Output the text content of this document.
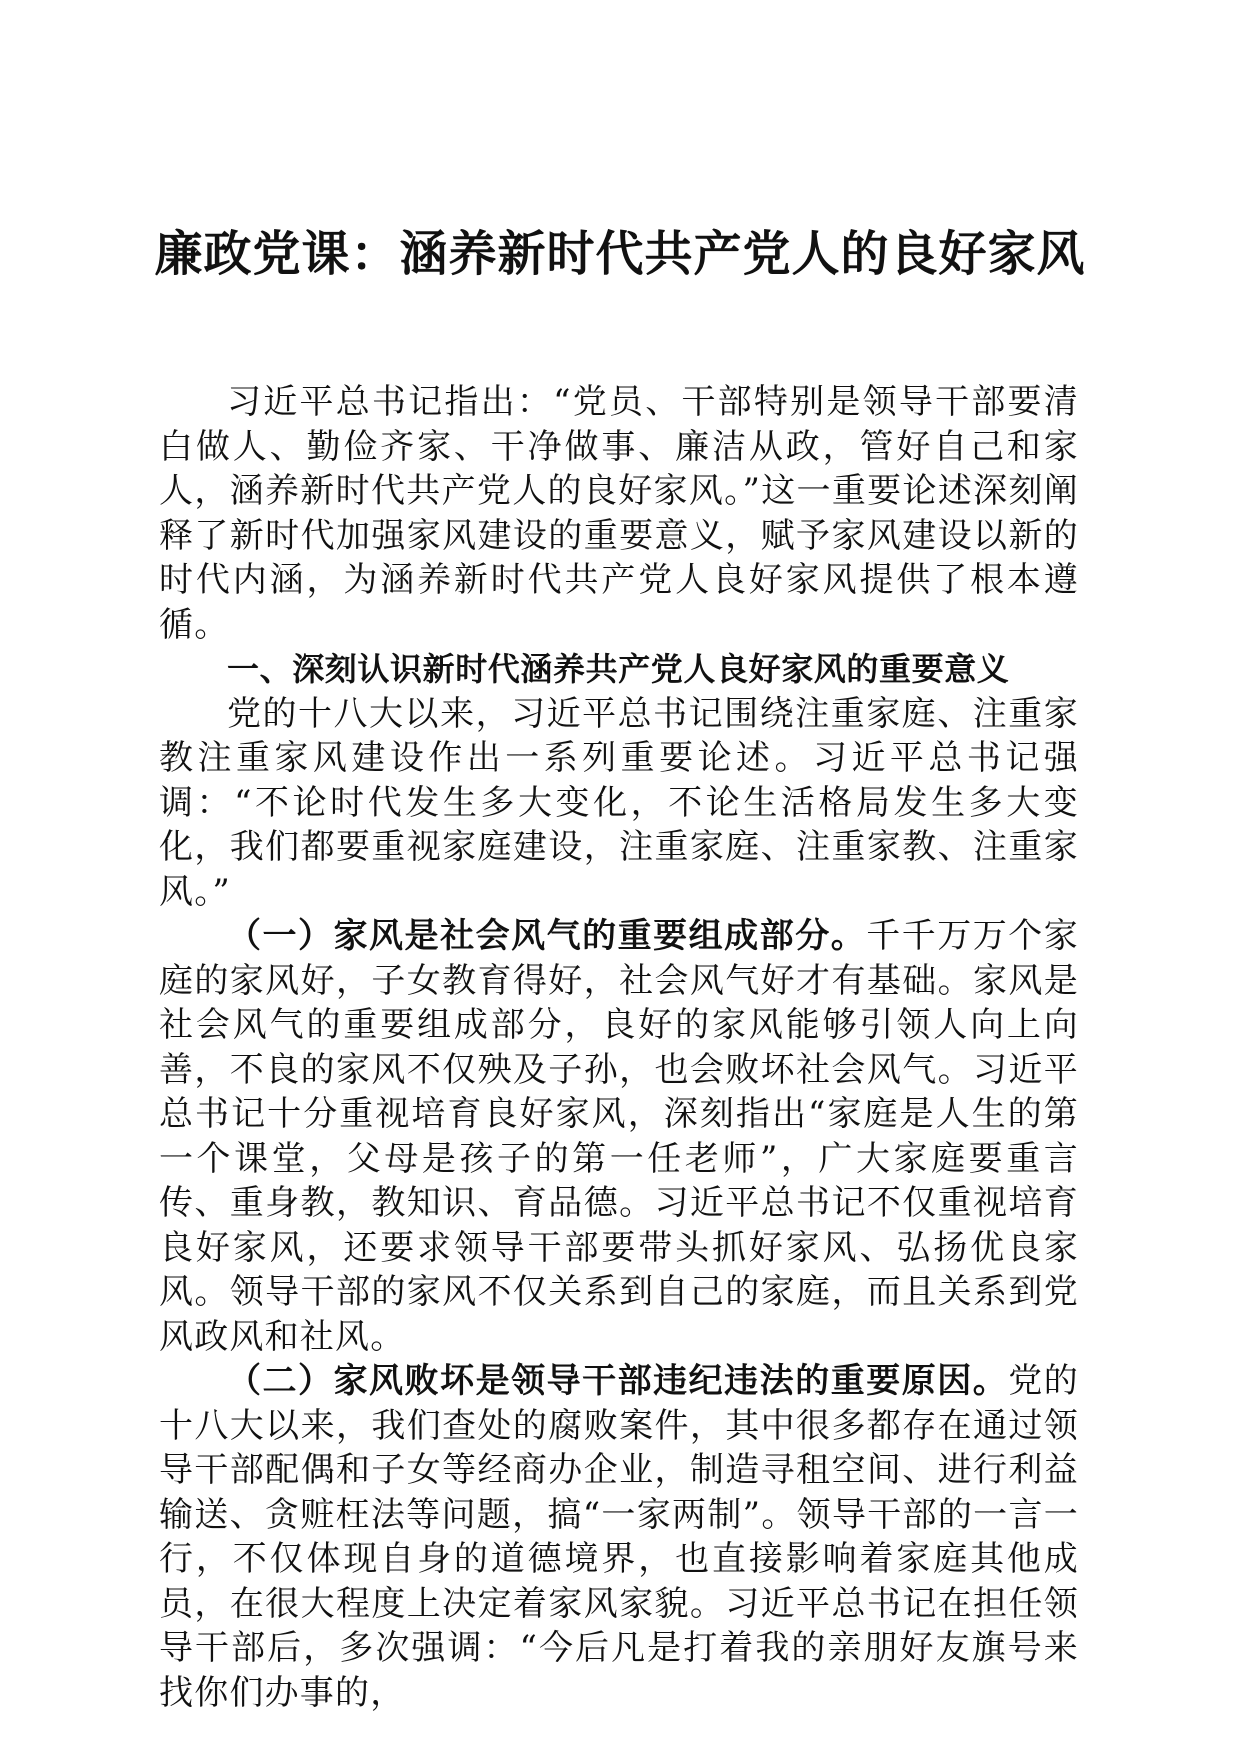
廉政党课：涵养新时代共产党人的良好家风

习近平总书记指出：“党员、干部特别是领导干部要清白做人、勤俭齐家、干净做事、廉洁从政，管好自己和家人，涵养新时代共产党人的良好家风。”这一重要论述深刻阐释了新时代加强家风建设的重要意义，赋予家风建设以新的时代内涵，为涵养新时代共产党人良好家风提供了根本遵循。

一、深刻认识新时代涵养共产党人良好家风的重要意义

党的十八大以来，习近平总书记围绕注重家庭、注重家教注重家风建设作出一系列重要论述。习近平总书记强调：“不论时代发生多大变化，不论生活格局发生多大变化，我们都要重视家庭建设，注重家庭、注重家教、注重家风。”

（一）家风是社会风气的重要组成部分。千千万万个家庭的家风好，子女教育得好，社会风气好才有基础。家风是社会风气的重要组成部分，良好的家风能够引领人向上向善，不良的家风不仅殃及子孙，也会败坏社会风气。习近平总书记十分重视培育良好家风，深刻指出“家庭是人生的第一个课堂，父母是孩子的第一任老师”，广大家庭要重言传、重身教，教知识、育品德。习近平总书记不仅重视培育良好家风，还要求领导干部要带头抓好家风、弘扬优良家风。领导干部的家风不仅关系到自己的家庭，而且关系到党风政风和社风。

（二）家风败坏是领导干部违纪违法的重要原因。党的十八大以来，我们查处的腐败案件，其中很多都存在通过领导干部配偶和子女等经商办企业，制造寻租空间、进行利益输送、贪赃枉法等问题，搞“一家两制”。领导干部的一言一行，不仅体现自身的道德境界，也直接影响着家庭其他成员，在很大程度上决定着家风家貌。习近平总书记在担任领导干部后，多次强调：“今后凡是打着我的亲朋好友旗号来找你们办事的，
